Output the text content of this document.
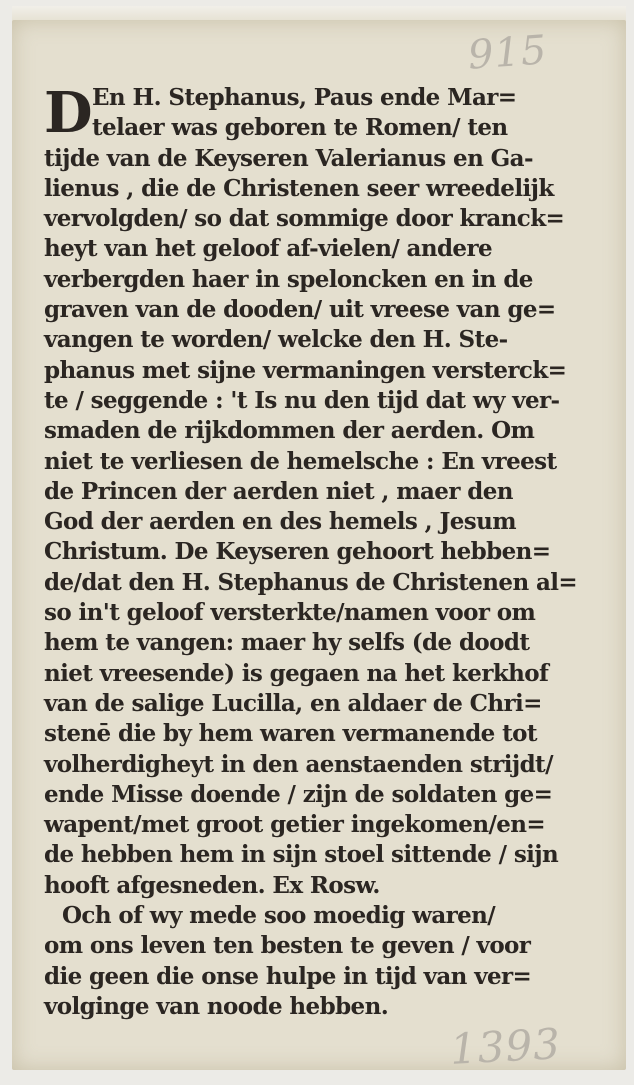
915
D En H. Stephanus, Paus ende Mar=
telaer was geboren te Romen/ ten
tijde van de Keyseren Valerianus en Ga-
lienus , die de Christenen seer wreedelijk
vervolgden/ so dat sommige door kranck=
heyt van het geloof af-vielen/ andere
verbergden haer in spelonckеn en in de
graven van de dooden/ uit vreese van ge=
vangen te worden/ welcke den H. Ste-
phanus met sijne vermaningen versterck=
te / seggende : 't Is nu den tijd dat wy ver-
smaden de rijkdommen der aerden. Om
niet te verliesen de hemelsche : En vreest
de Princen der aerden niet , maer den
God der aerden en des hemels , Jesum
Christum. De Keyseren gehoort hebben=
de/dat den H. Stephanus de Christenen al=
so in't geloof versterkte/namen voor om
hem te vangen: maer hy selfs (de doodt
niet vreesende) is gegaen na het kerkhof
van de salige Lucilla, en aldaer de Chri=
stenē die by hem waren vermanende tot
volherdigheyt in den aenstaenden strijdt/
ende Misse doende / zijn de soldaten ge=
wapent/met groot getier ingekomen/en=
de hebben hem in sijn stoel sittende / sijn
hooft afgesneden. Ex Rosw.
Och of wy mede soo moedig waren/
om ons leven ten besten te geven / voor
die geen die onse hulpe in tijd van ver=
volginge van noode hebben.
1393
